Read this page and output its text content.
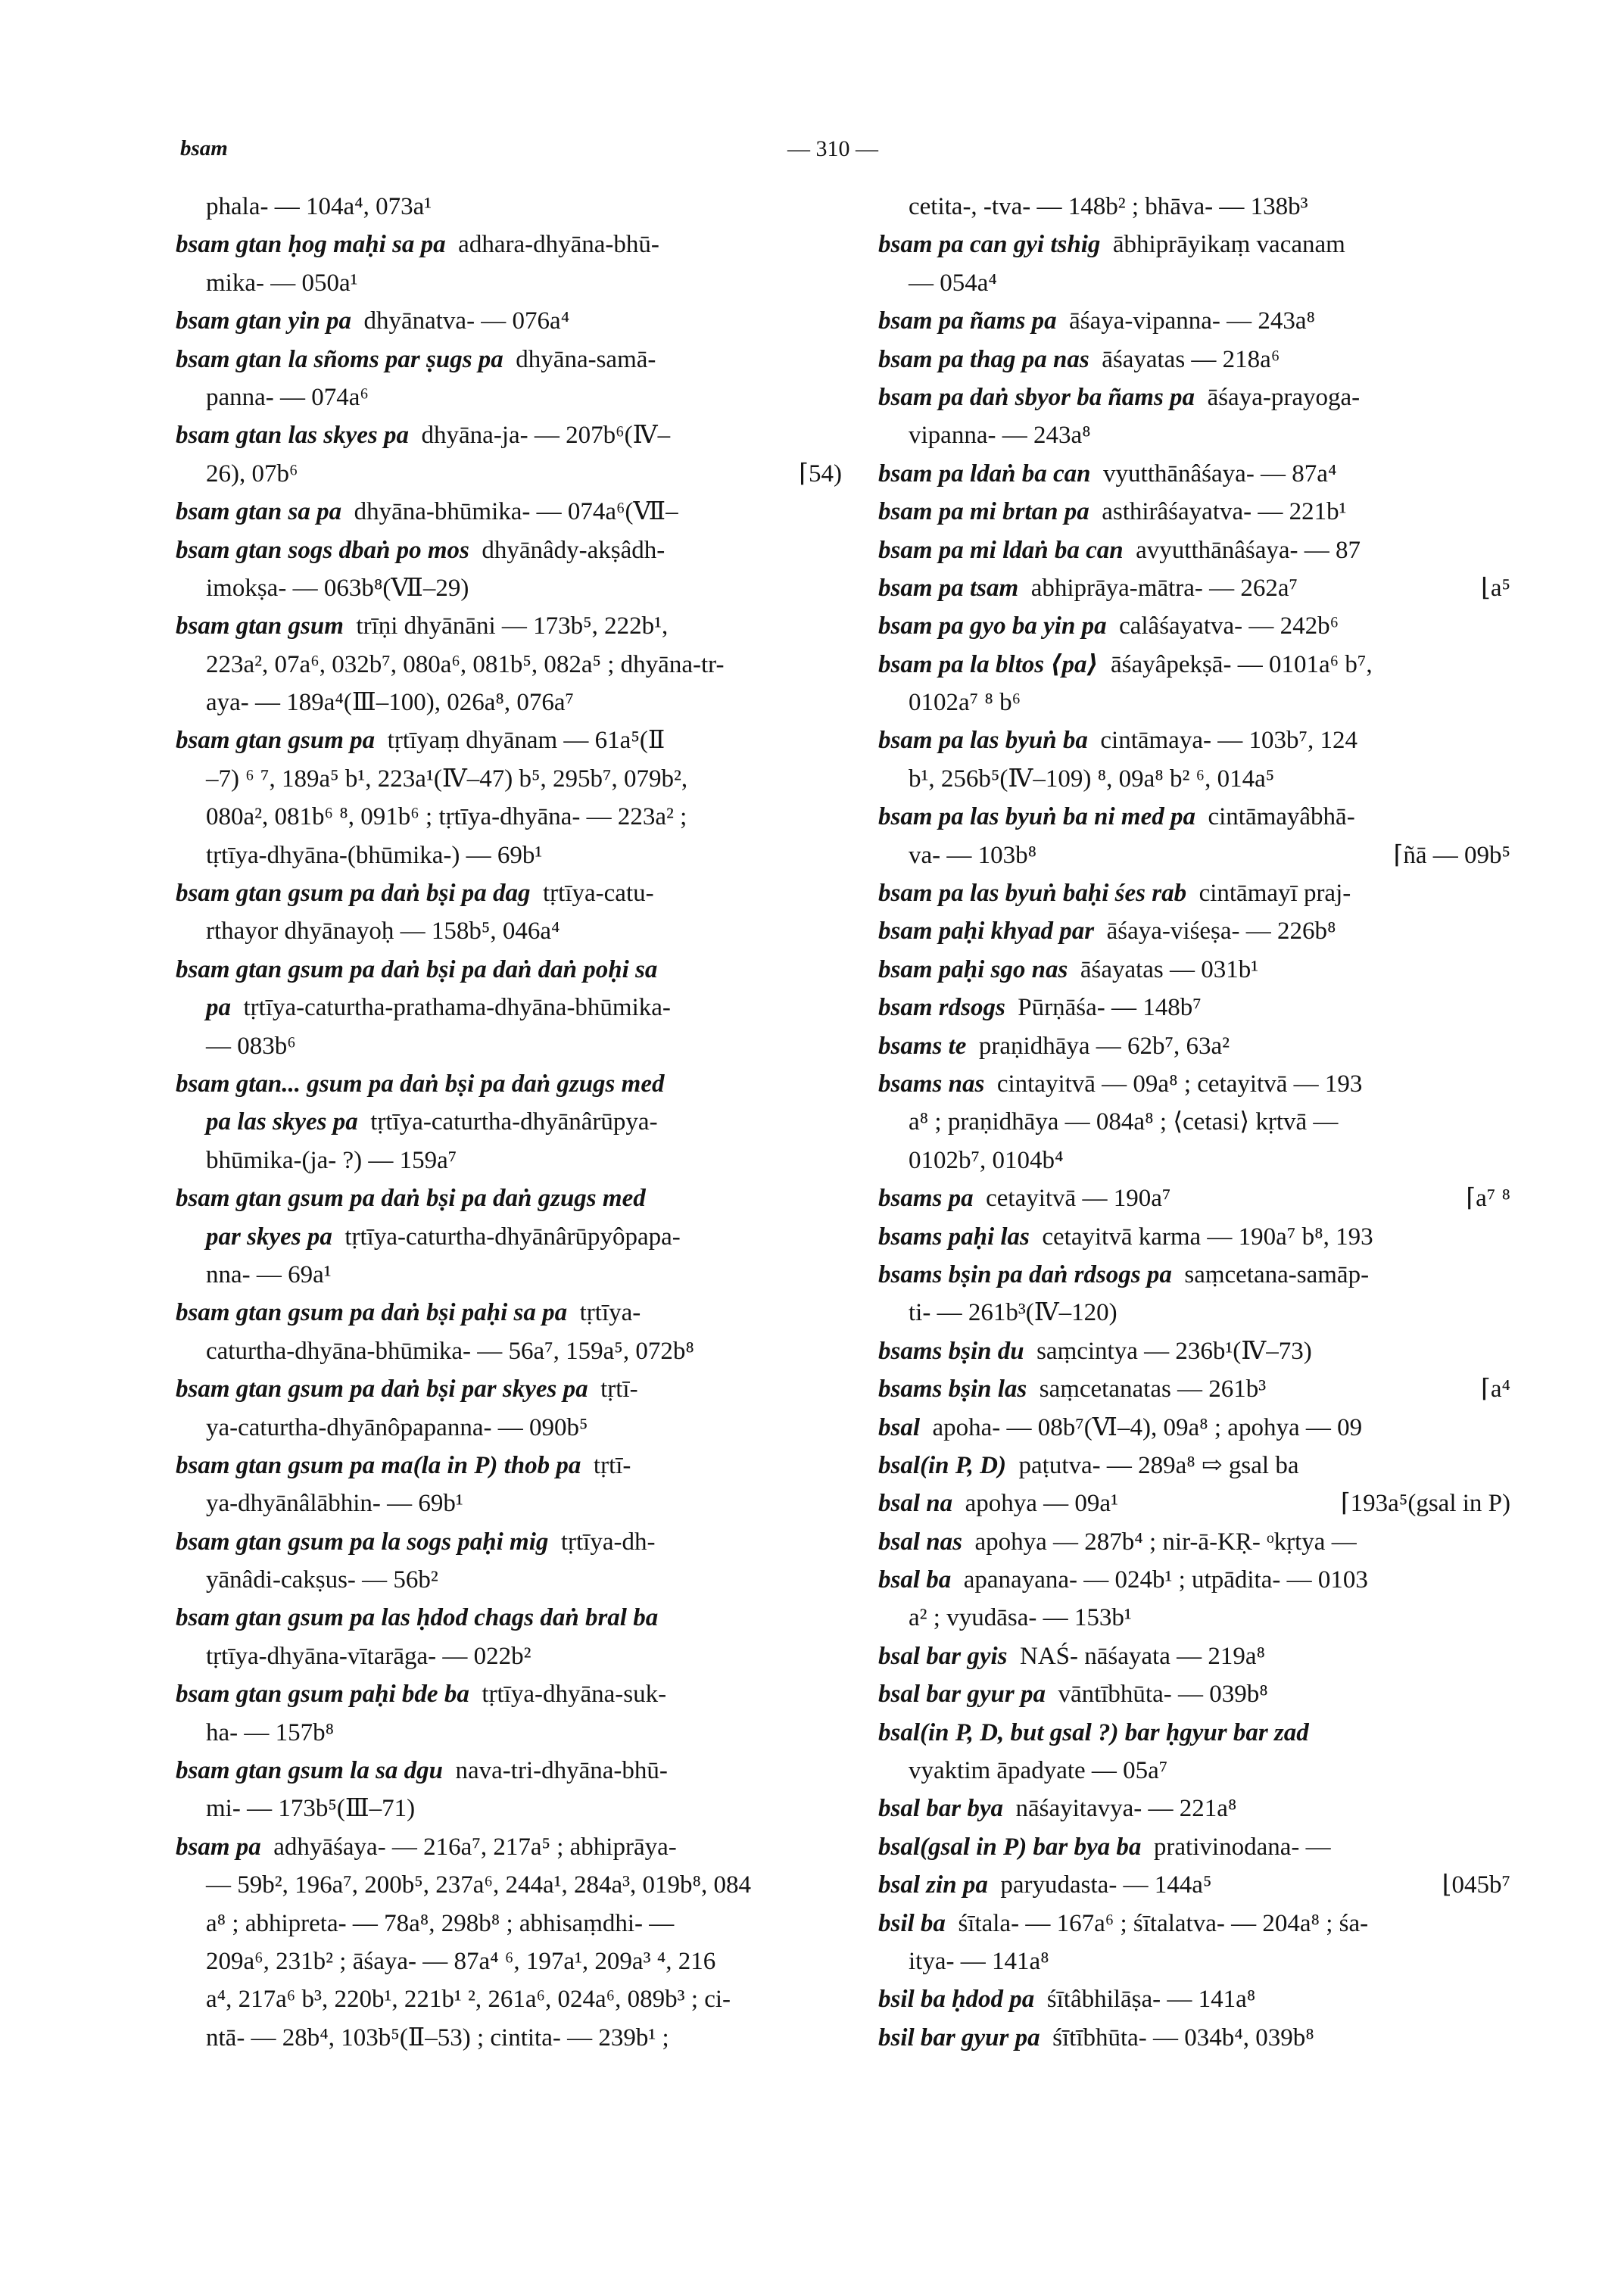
bsam	— 310 —
phala- — 104a⁴, 073a¹
bsam gtan ḥog maḥi sa pa  adhara-dhyāna-bhū-
mika- — 050a¹
bsam gtan yin pa  dhyānatva- — 076a⁴
bsam gtan la sñoms par ṣugs pa  dhyāna-samā-
panna- — 074a⁶
bsam gtan las skyes pa  dhyāna-ja- — 207b⁶(Ⅳ–
26), 07b⁶	⌈54)
bsam gtan sa pa  dhyāna-bhūmika- — 074a⁶(Ⅶ–
bsam gtan sogs dbaṅ po mos  dhyānâdy-akṣâdh-
imokṣa- — 063b⁸(Ⅶ–29)
bsam gtan gsum  trīṇi dhyānāni — 173b⁵, 222b¹,
223a², 07a⁶, 032b⁷, 080a⁶, 081b⁵, 082a⁵ ; dhyāna-tr-
aya- — 189a⁴(Ⅲ–100), 026a⁸, 076a⁷
bsam gtan gsum pa  tṛtīyaṃ dhyānam — 61a⁵(Ⅱ
–7) ⁶ ⁷, 189a⁵ b¹, 223a¹(Ⅳ–47) b⁵, 295b⁷, 079b²,
080a², 081b⁶ ⁸, 091b⁶ ; tṛtīya-dhyāna- — 223a² ;
tṛtīya-dhyāna-(bhūmika-) — 69b¹
bsam gtan gsum pa daṅ bṣi pa dag  tṛtīya-catu-
rthayor dhyānayoḥ — 158b⁵, 046a⁴
bsam gtan gsum pa daṅ bṣi pa daṅ daṅ poḥi sa
pa  tṛtīya-caturtha-prathama-dhyāna-bhūmika-
— 083b⁶
bsam gtan... gsum pa daṅ bṣi pa daṅ gzugs med
pa las skyes pa  tṛtīya-caturtha-dhyānârūpya-
bhūmika-(ja- ?) — 159a⁷
bsam gtan gsum pa daṅ bṣi pa daṅ gzugs med
par skyes pa  tṛtīya-caturtha-dhyānârūpyôpapa-
nna- — 69a¹
bsam gtan gsum pa daṅ bṣi paḥi sa pa  tṛtīya-
caturtha-dhyāna-bhūmika- — 56a⁷, 159a⁵, 072b⁸
bsam gtan gsum pa daṅ bṣi par skyes pa  tṛtī-
ya-caturtha-dhyānôpapanna- — 090b⁵
bsam gtan gsum pa ma(la in P) thob pa  tṛtī-
ya-dhyānâlābhin- — 69b¹
bsam gtan gsum pa la sogs paḥi mig  tṛtīya-dh-
yānâdi-cakṣus- — 56b²
bsam gtan gsum pa las ḥdod chags daṅ bral ba
tṛtīya-dhyāna-vītarāga- — 022b²
bsam gtan gsum paḥi bde ba  tṛtīya-dhyāna-suk-
ha- — 157b⁸
bsam gtan gsum la sa dgu  nava-tri-dhyāna-bhū-
mi- — 173b⁵(Ⅲ–71)
bsam pa  adhyāśaya- — 216a⁷, 217a⁵ ; abhiprāya-
— 59b², 196a⁷, 200b⁵, 237a⁶, 244a¹, 284a³, 019b⁸, 084
a⁸ ; abhipreta- — 78a⁸, 298b⁸ ; abhisaṃdhi- —
209a⁶, 231b² ; āśaya- — 87a⁴ ⁶, 197a¹, 209a³ ⁴, 216
a⁴, 217a⁶ b³, 220b¹, 221b¹ ², 261a⁶, 024a⁶, 089b³ ; ci-
ntā- — 28b⁴, 103b⁵(Ⅱ–53) ; cintita- — 239b¹ ;
cetita-, -tva- — 148b² ; bhāva- — 138b³
bsam pa can gyi tshig  ābhiprāyikaṃ vacanam
— 054a⁴
bsam pa ñams pa  āśaya-vipanna- — 243a⁸
bsam pa thag pa nas  āśayatas — 218a⁶
bsam pa daṅ sbyor ba ñams pa  āśaya-prayoga-
vipanna- — 243a⁸
bsam pa ldaṅ ba can  vyutthānâśaya- — 87a⁴
bsam pa mi brtan pa  asthirâśayatva- — 221b¹
bsam pa mi ldaṅ ba can  avyutthānâśaya- — 87
bsam pa tsam  abhiprāya-mātra- — 262a⁷	⌊a⁵
bsam pa gyo ba yin pa  calâśayatva- — 242b⁶
bsam pa la bltos ⟨pa⟩  āśayâpekṣā- — 0101a⁶ b⁷,
0102a⁷ ⁸ b⁶
bsam pa las byuṅ ba  cintāmaya- — 103b⁷, 124
b¹, 256b⁵(Ⅳ–109) ⁸, 09a⁸ b² ⁶, 014a⁵
bsam pa las byuṅ ba ni med pa  cintāmayâbhā-
va- — 103b⁸	⌈ñā — 09b⁵
bsam pa las byuṅ baḥi śes rab  cintāmayī praj-
bsam paḥi khyad par  āśaya-viśeṣa- — 226b⁸
bsam paḥi sgo nas  āśayatas — 031b¹
bsam rdsogs  Pūrṇāśa- — 148b⁷
bsams te  praṇidhāya — 62b⁷, 63a²
bsams nas  cintayitvā — 09a⁸ ; cetayitvā — 193
a⁸ ; praṇidhāya — 084a⁸ ; ⟨cetasi⟩ kṛtvā —
0102b⁷, 0104b⁴
bsams pa  cetayitvā — 190a⁷	⌈a⁷ ⁸
bsams paḥi las  cetayitvā karma — 190a⁷ b⁸, 193
bsams bṣin pa daṅ rdsogs pa  saṃcetana-samāp-
ti- — 261b³(Ⅳ–120)
bsams bṣin du  saṃcintya — 236b¹(Ⅳ–73)
bsams bṣin las  saṃcetanatas — 261b³	⌈a⁴
bsal  apoha- — 08b⁷(Ⅵ–4), 09a⁸ ; apohya — 09
bsal(in P, D)  paṭutva- — 289a⁸ ⇨ gsal ba
bsal na  apohya — 09a¹	⌈193a⁵(gsal in P)
bsal nas  apohya — 287b⁴ ; nir-ā-KṚ- ᵒkṛtya —
bsal ba  apanayana- — 024b¹ ; utpādita- — 0103
a² ; vyudāsa- — 153b¹
bsal bar gyis  NAŚ- nāśayata — 219a⁸
bsal bar gyur pa  vāntībhūta- — 039b⁸
bsal(in P, D, but gsal ?) bar ḥgyur bar zad
vyaktim āpadyate — 05a⁷
bsal bar bya  nāśayitavya- — 221a⁸
bsal(gsal in P) bar bya ba  prativinodana- —
bsal zin pa  paryudasta- — 144a⁵	⌊045b⁷
bsil ba  śītala- — 167a⁶ ; śītalatva- — 204a⁸ ; śa-
itya- — 141a⁸
bsil ba ḥdod pa  śītâbhilāṣa- — 141a⁸
bsil bar gyur pa  śītībhūta- — 034b⁴, 039b⁸
